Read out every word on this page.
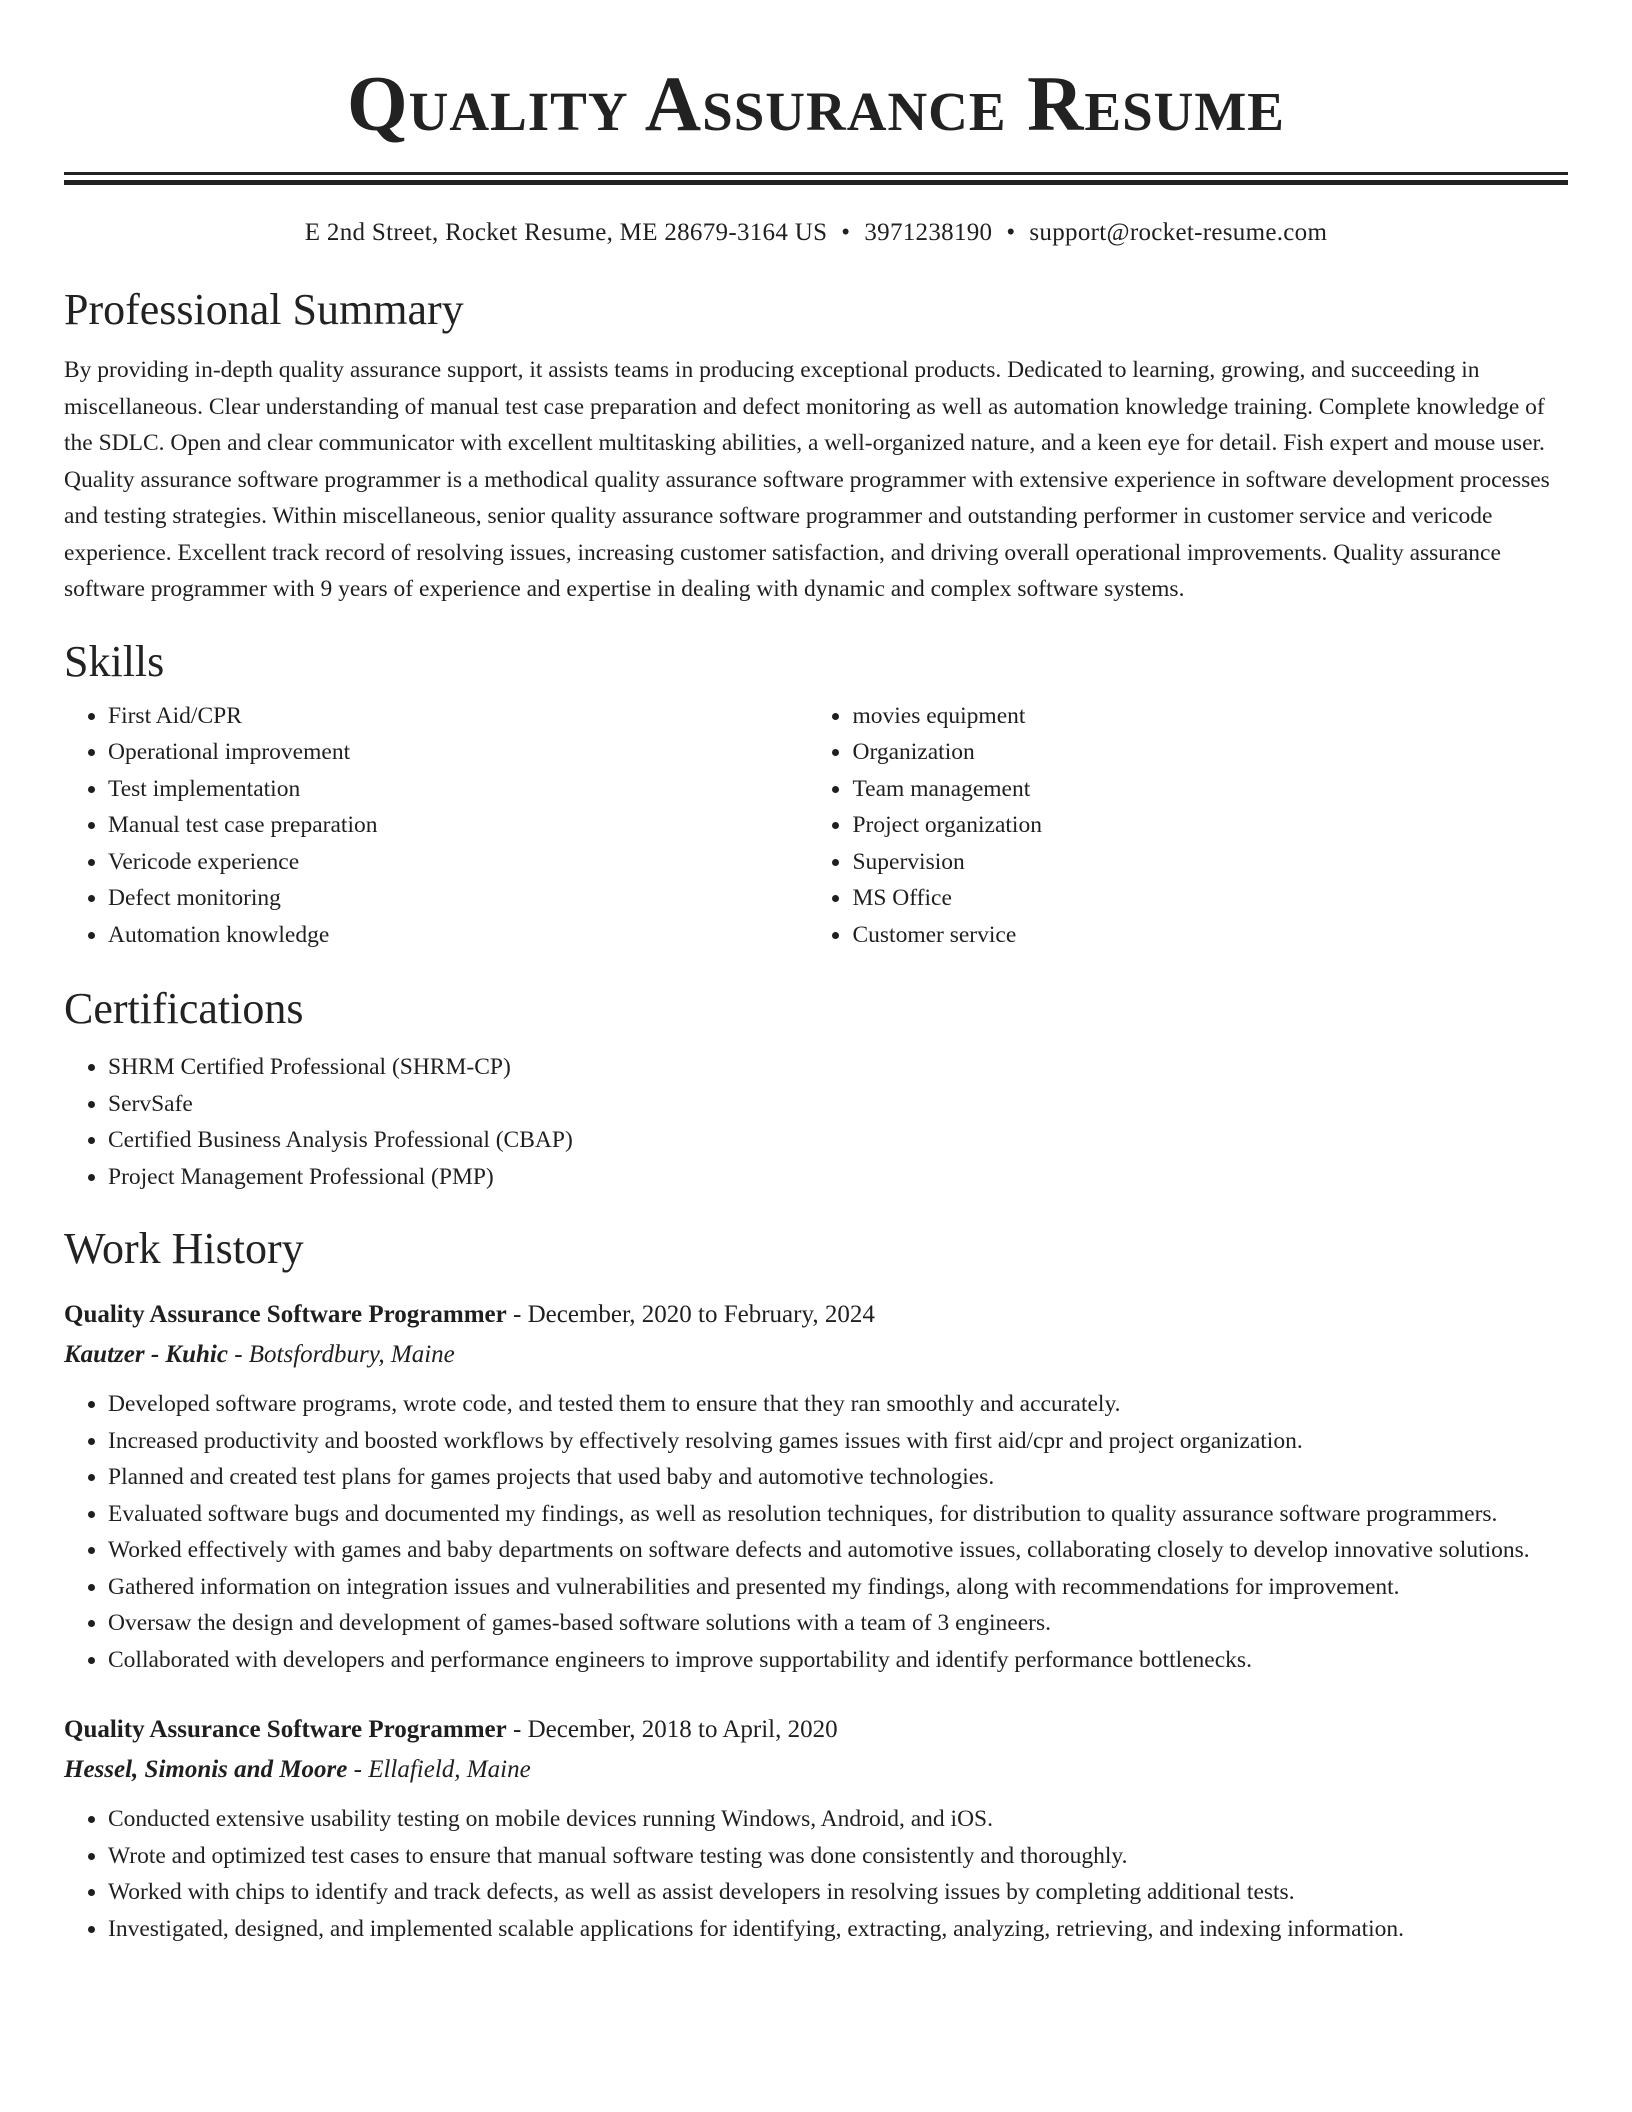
Quality Assurance Resume
E 2nd Street, Rocket Resume, ME 28679-3164 US • 3971238190 • support@rocket-resume.com
Professional Summary

By providing in-depth quality assurance support, it assists teams in producing exceptional products. Dedicated to learning, growing, and succeeding in miscellaneous. Clear understanding of manual test case preparation and defect monitoring as well as automation knowledge training. Complete knowledge of the SDLC. Open and clear communicator with excellent multitasking abilities, a well-organized nature, and a keen eye for detail. Fish expert and mouse user. Quality assurance software programmer is a methodical quality assurance software programmer with extensive experience in software development processes and testing strategies. Within miscellaneous, senior quality assurance software programmer and outstanding performer in customer service and vericode experience. Excellent track record of resolving issues, increasing customer satisfaction, and driving overall operational improvements. Quality assurance software programmer with 9 years of experience and expertise in dealing with dynamic and complex software systems.

Skills
• First Aid/CPR
• Operational improvement
• Test implementation
• Manual test case preparation
• Vericode experience
• Defect monitoring
• Automation knowledge
• movies equipment
• Organization
• Team management
• Project organization
• Supervision
• MS Office
• Customer service
Certifications
• SHRM Certified Professional (SHRM-CP)
• ServSafe
• Certified Business Analysis Professional (CBAP)
• Project Management Professional (PMP)
Work History
Quality Assurance Software Programmer - December, 2020 to February, 2024
Kautzer - Kuhic - Botsfordbury, Maine
• Developed software programs, wrote code, and tested them to ensure that they ran smoothly and accurately.
• Increased productivity and boosted workflows by effectively resolving games issues with first aid/cpr and project organization.
• Planned and created test plans for games projects that used baby and automotive technologies.
• Evaluated software bugs and documented my findings, as well as resolution techniques, for distribution to quality assurance software programmers.
• Worked effectively with games and baby departments on software defects and automotive issues, collaborating closely to develop innovative solutions.
• Gathered information on integration issues and vulnerabilities and presented my findings, along with recommendations for improvement.
• Oversaw the design and development of games-based software solutions with a team of 3 engineers.
• Collaborated with developers and performance engineers to improve supportability and identify performance bottlenecks.
Quality Assurance Software Programmer - December, 2018 to April, 2020
Hessel, Simonis and Moore - Ellafield, Maine
• Conducted extensive usability testing on mobile devices running Windows, Android, and iOS.
• Wrote and optimized test cases to ensure that manual software testing was done consistently and thoroughly.
• Worked with chips to identify and track defects, as well as assist developers in resolving issues by completing additional tests.
• Investigated, designed, and implemented scalable applications for identifying, extracting, analyzing, retrieving, and indexing information.
